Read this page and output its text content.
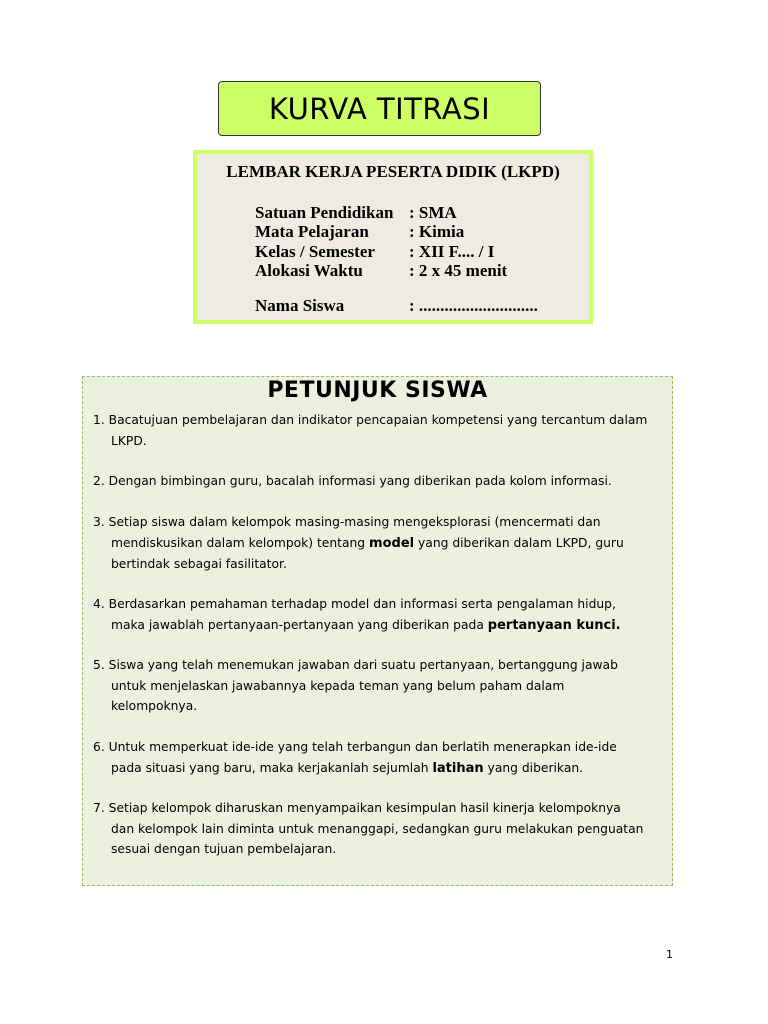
KURVA TITRASI
LEMBAR KERJA PESERTA DIDIK (LKPD)
Satuan Pendidikan : SMA
Mata Pelajaran : Kimia
Kelas / Semester : XII F.... / I
Alokasi Waktu	: 2 x 45 menit
Nama Siswa	: ............................
PETUNJUK SISWA
1. Bacatujuan pembelajaran dan indikator pencapaian kompetensi yang tercantum dalam
LKPD.
2. Dengan bimbingan guru, bacalah informasi yang diberikan pada kolom informasi.
3. Setiap siswa dalam kelompok masing-masing mengeksplorasi (mencermati dan
mendiskusikan dalam kelompok) tentang model yang diberikan dalam LKPD, guru
bertindak sebagai fasilitator.
4. Berdasarkan pemahaman terhadap model dan informasi serta pengalaman hidup,
maka jawablah pertanyaan-pertanyaan yang diberikan pada pertanyaan kunci.
5. Siswa yang telah menemukan jawaban dari suatu pertanyaan, bertanggung jawab
untuk menjelaskan jawabannya kepada teman yang belum paham dalam
kelompoknya.
6. Untuk memperkuat ide-ide yang telah terbangun dan berlatih menerapkan ide-ide
pada situasi yang baru, maka kerjakanlah sejumlah latihan yang diberikan.
7. Setiap kelompok diharuskan menyampaikan kesimpulan hasil kinerja kelompoknya
dan kelompok lain diminta untuk menanggapi, sedangkan guru melakukan penguatan
sesuai dengan tujuan pembelajaran.
1
